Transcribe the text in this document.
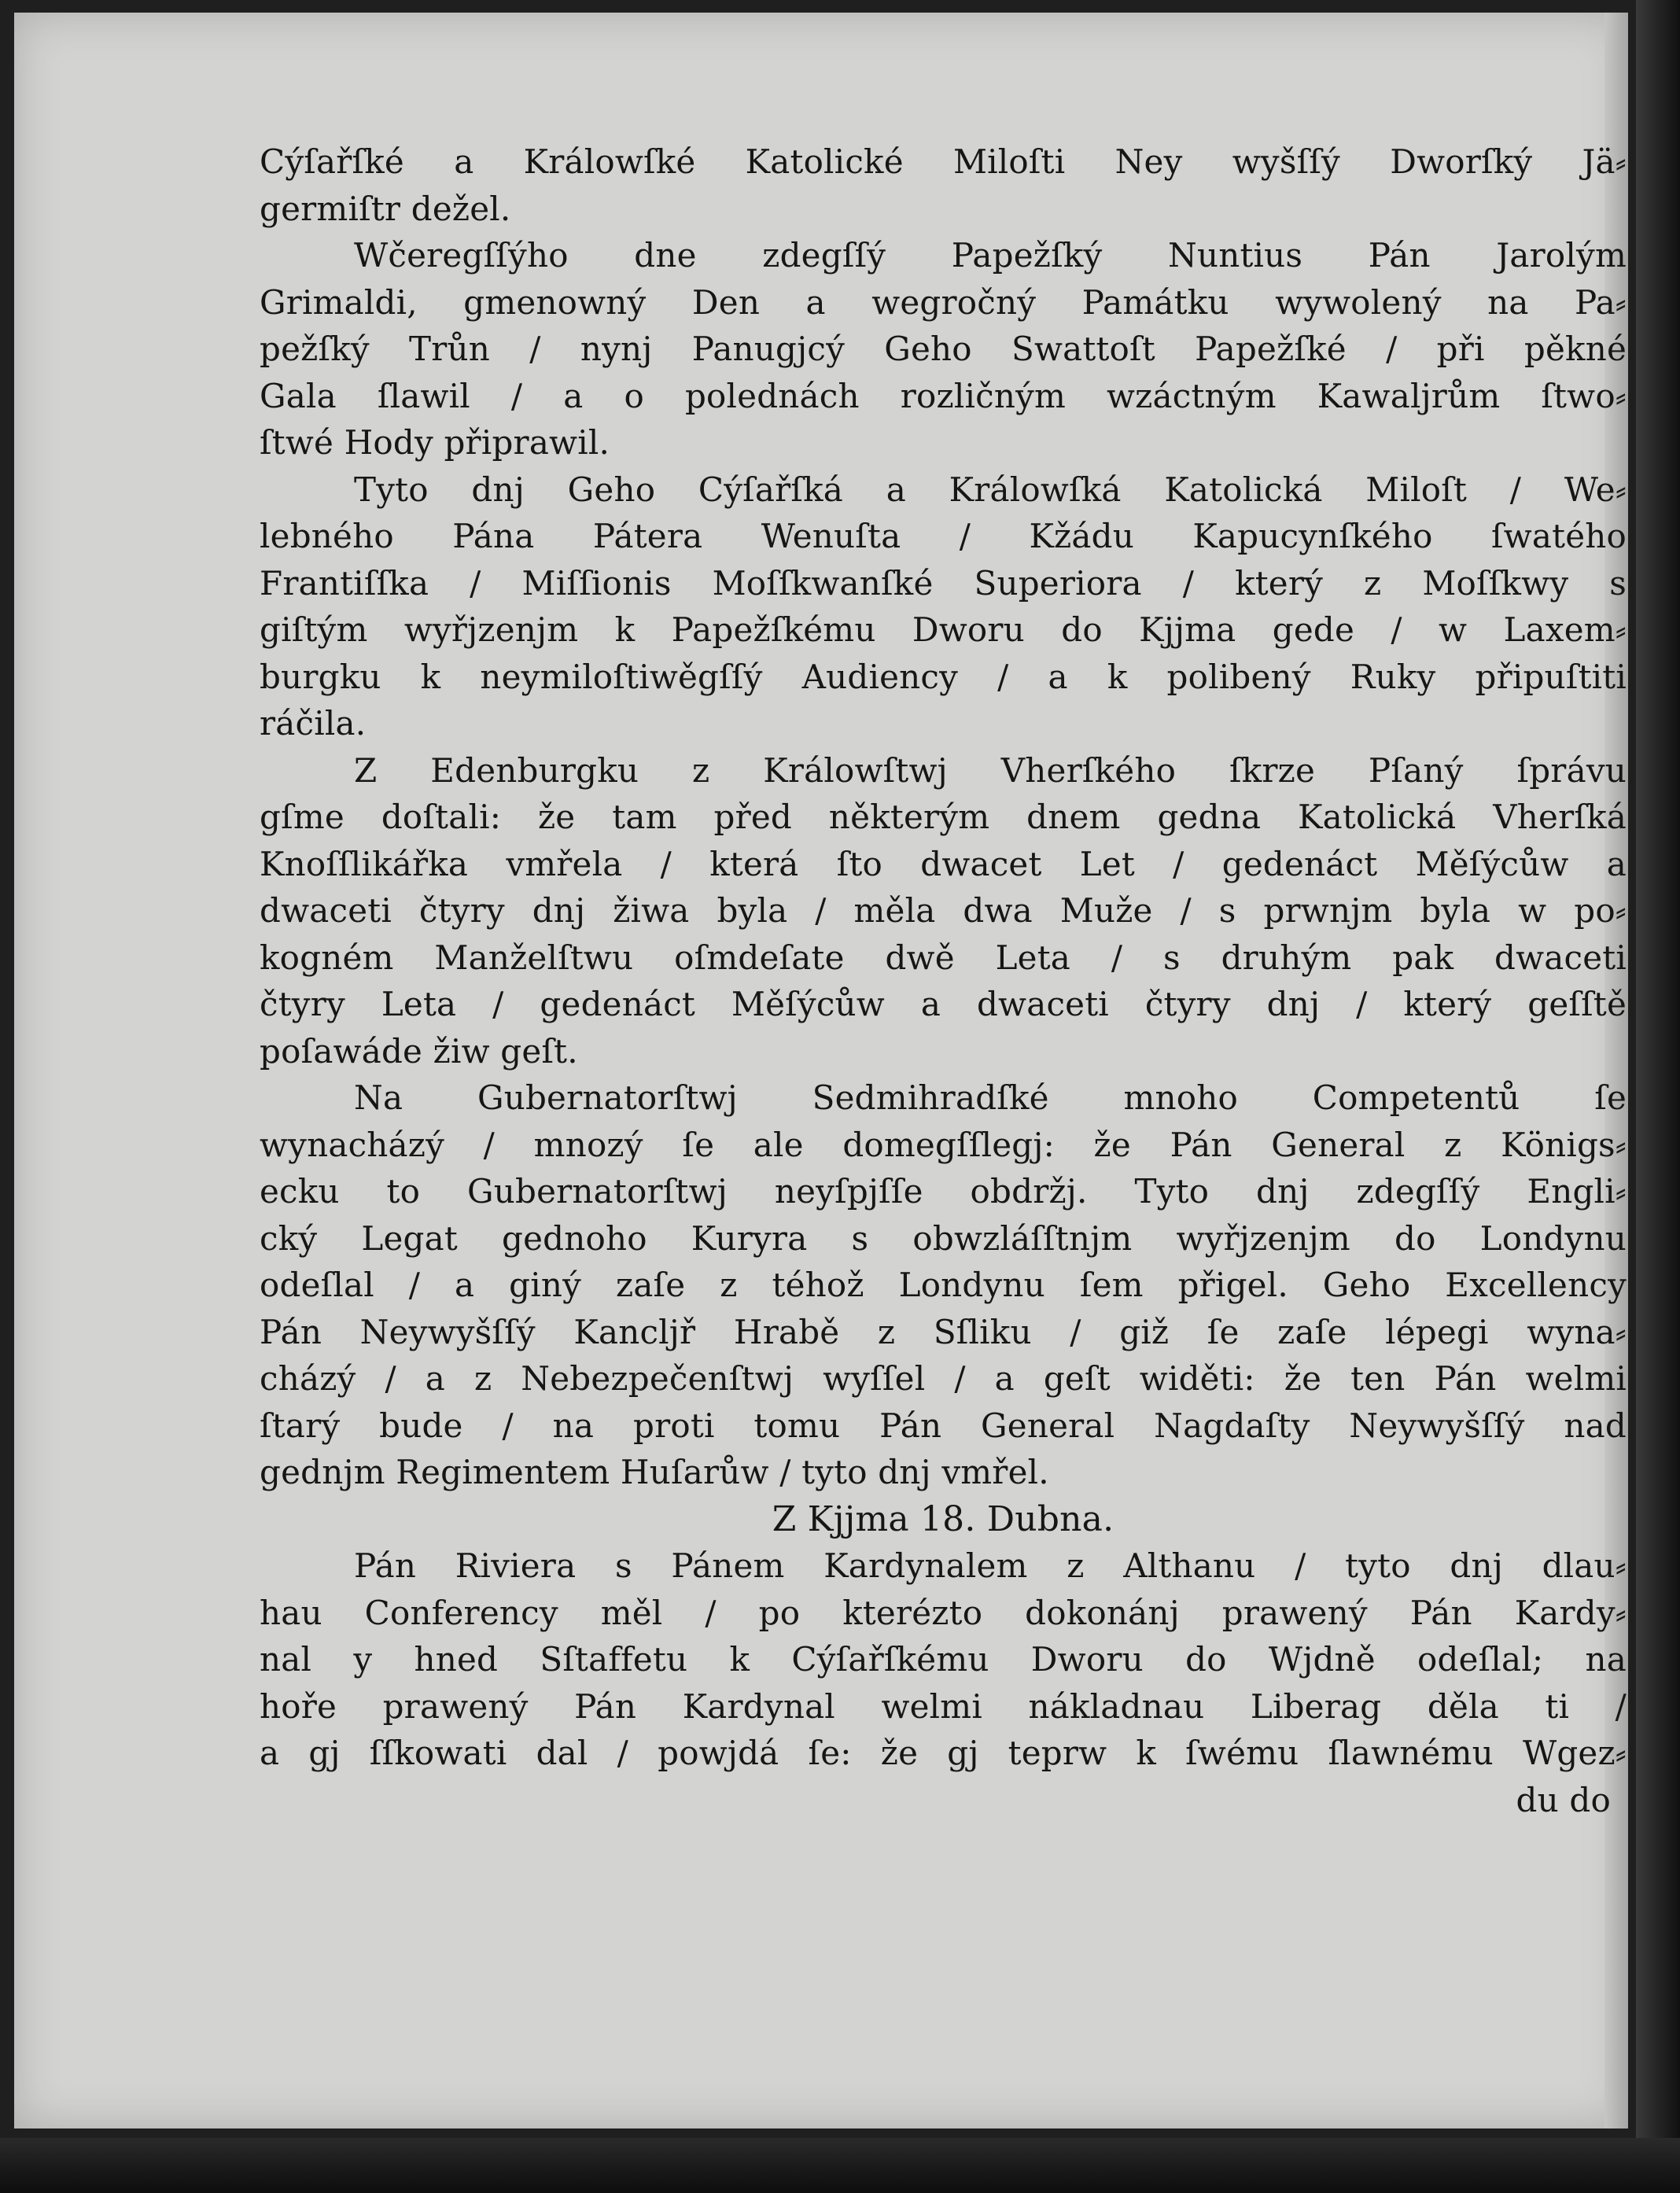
Cýſařſké a Králowſké Katolické Miloſti Ney wyšſſý Dworſký Jä⸗
germiſtr dežel.
Wčeregſſýho dne zdegſſý Papežſký Nuntius Pán Jarolým
Grimaldi, gmenowný Den a wegročný Památku wywolený na Pa⸗
pežſký Trůn / nynj Panugjcý Geho Swattoſt Papežſké / při pěkné
Gala ſlawil / a o polednách rozličným wzáctným Kawaljrům ſtwo⸗
ſtwé Hody připrawil.
Tyto dnj Geho Cýſařſká a Králowſká Katolická Miloſt / We⸗
lebného Pána Pátera Wenuſta / Kžádu Kapucynſkého ſwatého
Frantiſſka / Miſſionis Moſſkwanſké Superiora / který z Moſſkwy s
giſtým wyřjzenjm k Papežſkému Dworu do Kjjma gede / w Laxem⸗
burgku k neymiloſtiwěgſſý Audiency / a k polibený Ruky připuſtiti
ráčila.
Z Edenburgku z Králowſtwj Vherſkého ſkrze Pſaný ſprávu
gſme doſtali: že tam před některým dnem gedna Katolická Vherſká
Knoſſlikářka vmřela / která ſto dwacet Let / gedenáct Měſýcůw a
dwaceti čtyry dnj žiwa byla / měla dwa Muže / s prwnjm byla w po⸗
kogném Manželſtwu oſmdeſate dwě Leta / s druhým pak dwaceti
čtyry Leta / gedenáct Měſýcůw a dwaceti čtyry dnj / který geſſtě
poſawáde žiw geſt.
Na Gubernatorſtwj Sedmihradſké mnoho Competentů ſe
wynacházý / mnozý ſe ale domegſſlegj: že Pán General z Königs⸗
ecku to Gubernatorſtwj neyſpjſſe obdržj. Tyto dnj zdegſſý Engli⸗
cký Legat gednoho Kuryra s obwzláſſtnjm wyřjzenjm do Londynu
odeſlal / a giný zaſe z téhož Londynu ſem přigel. Geho Excellency
Pán Neywyšſſý Kancljř Hrabě z Sſliku / giž ſe zaſe lépegi wyna⸗
cházý / a z Nebezpečenſtwj wyſſel / a geſt widěti: že ten Pán welmi
ſtarý bude / na proti tomu Pán General Nagdaſty Neywyšſſý nad
gednjm Regimentem Huſarůw / tyto dnj vmřel.
Z Kjjma 18. Dubna.
Pán Riviera s Pánem Kardynalem z Althanu / tyto dnj dlau⸗
hau Conferency měl / po kterézto dokonánj prawený Pán Kardy⸗
nal y hned Sſtaffetu k Cýſařſkému Dworu do Wjdně odeſlal; na
hoře prawený Pán Kardynal welmi nákladnau Liberag děla ti /
a gj ſſkowati dal / powjdá ſe: že gj teprw k ſwému ſlawnému Wgez⸗
du do
